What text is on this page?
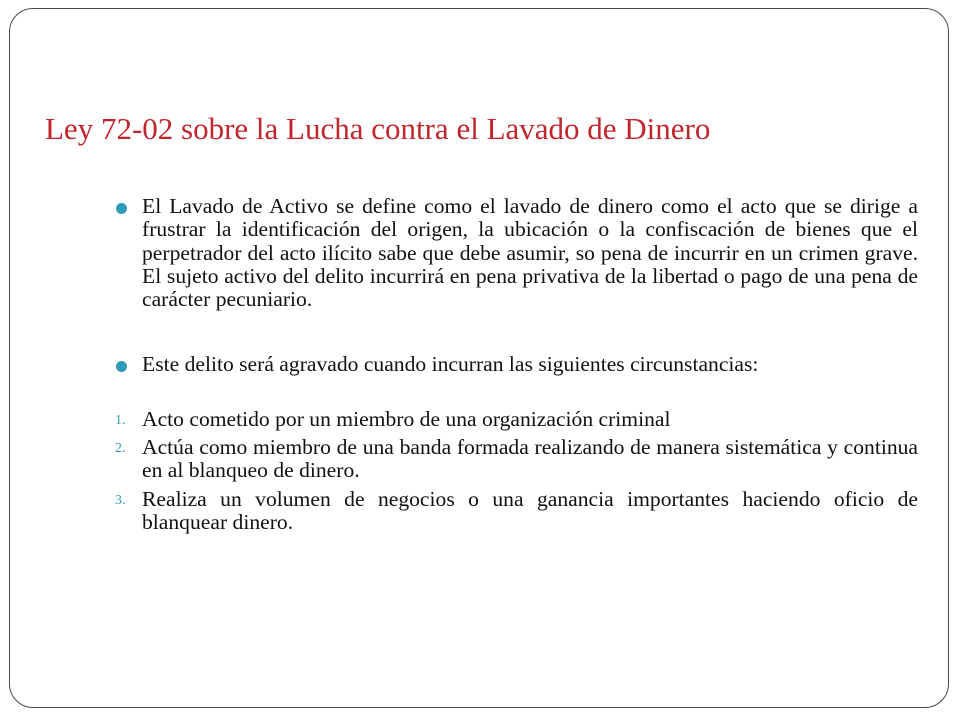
Ley 72-02 sobre la Lucha contra el Lavado de Dinero

El Lavado de Activo se define como el lavado de dinero como el acto que se dirige a frustrar la identificación del origen, la ubicación o la confiscación de bienes que el perpetrador del acto ilícito sabe que debe asumir, so pena de incurrir en un crimen grave. El sujeto activo del delito incurrirá en pena privativa de la libertad o pago de una pena de carácter pecuniario.

Este delito será agravado cuando incurran las siguientes circunstancias:

1. Acto cometido por un miembro de una organización criminal

2. Actúa como miembro de una banda formada realizando de manera sistemática y continua en al blanqueo de dinero.

3. Realiza un volumen de negocios o una ganancia importantes haciendo oficio de blanquear dinero.
